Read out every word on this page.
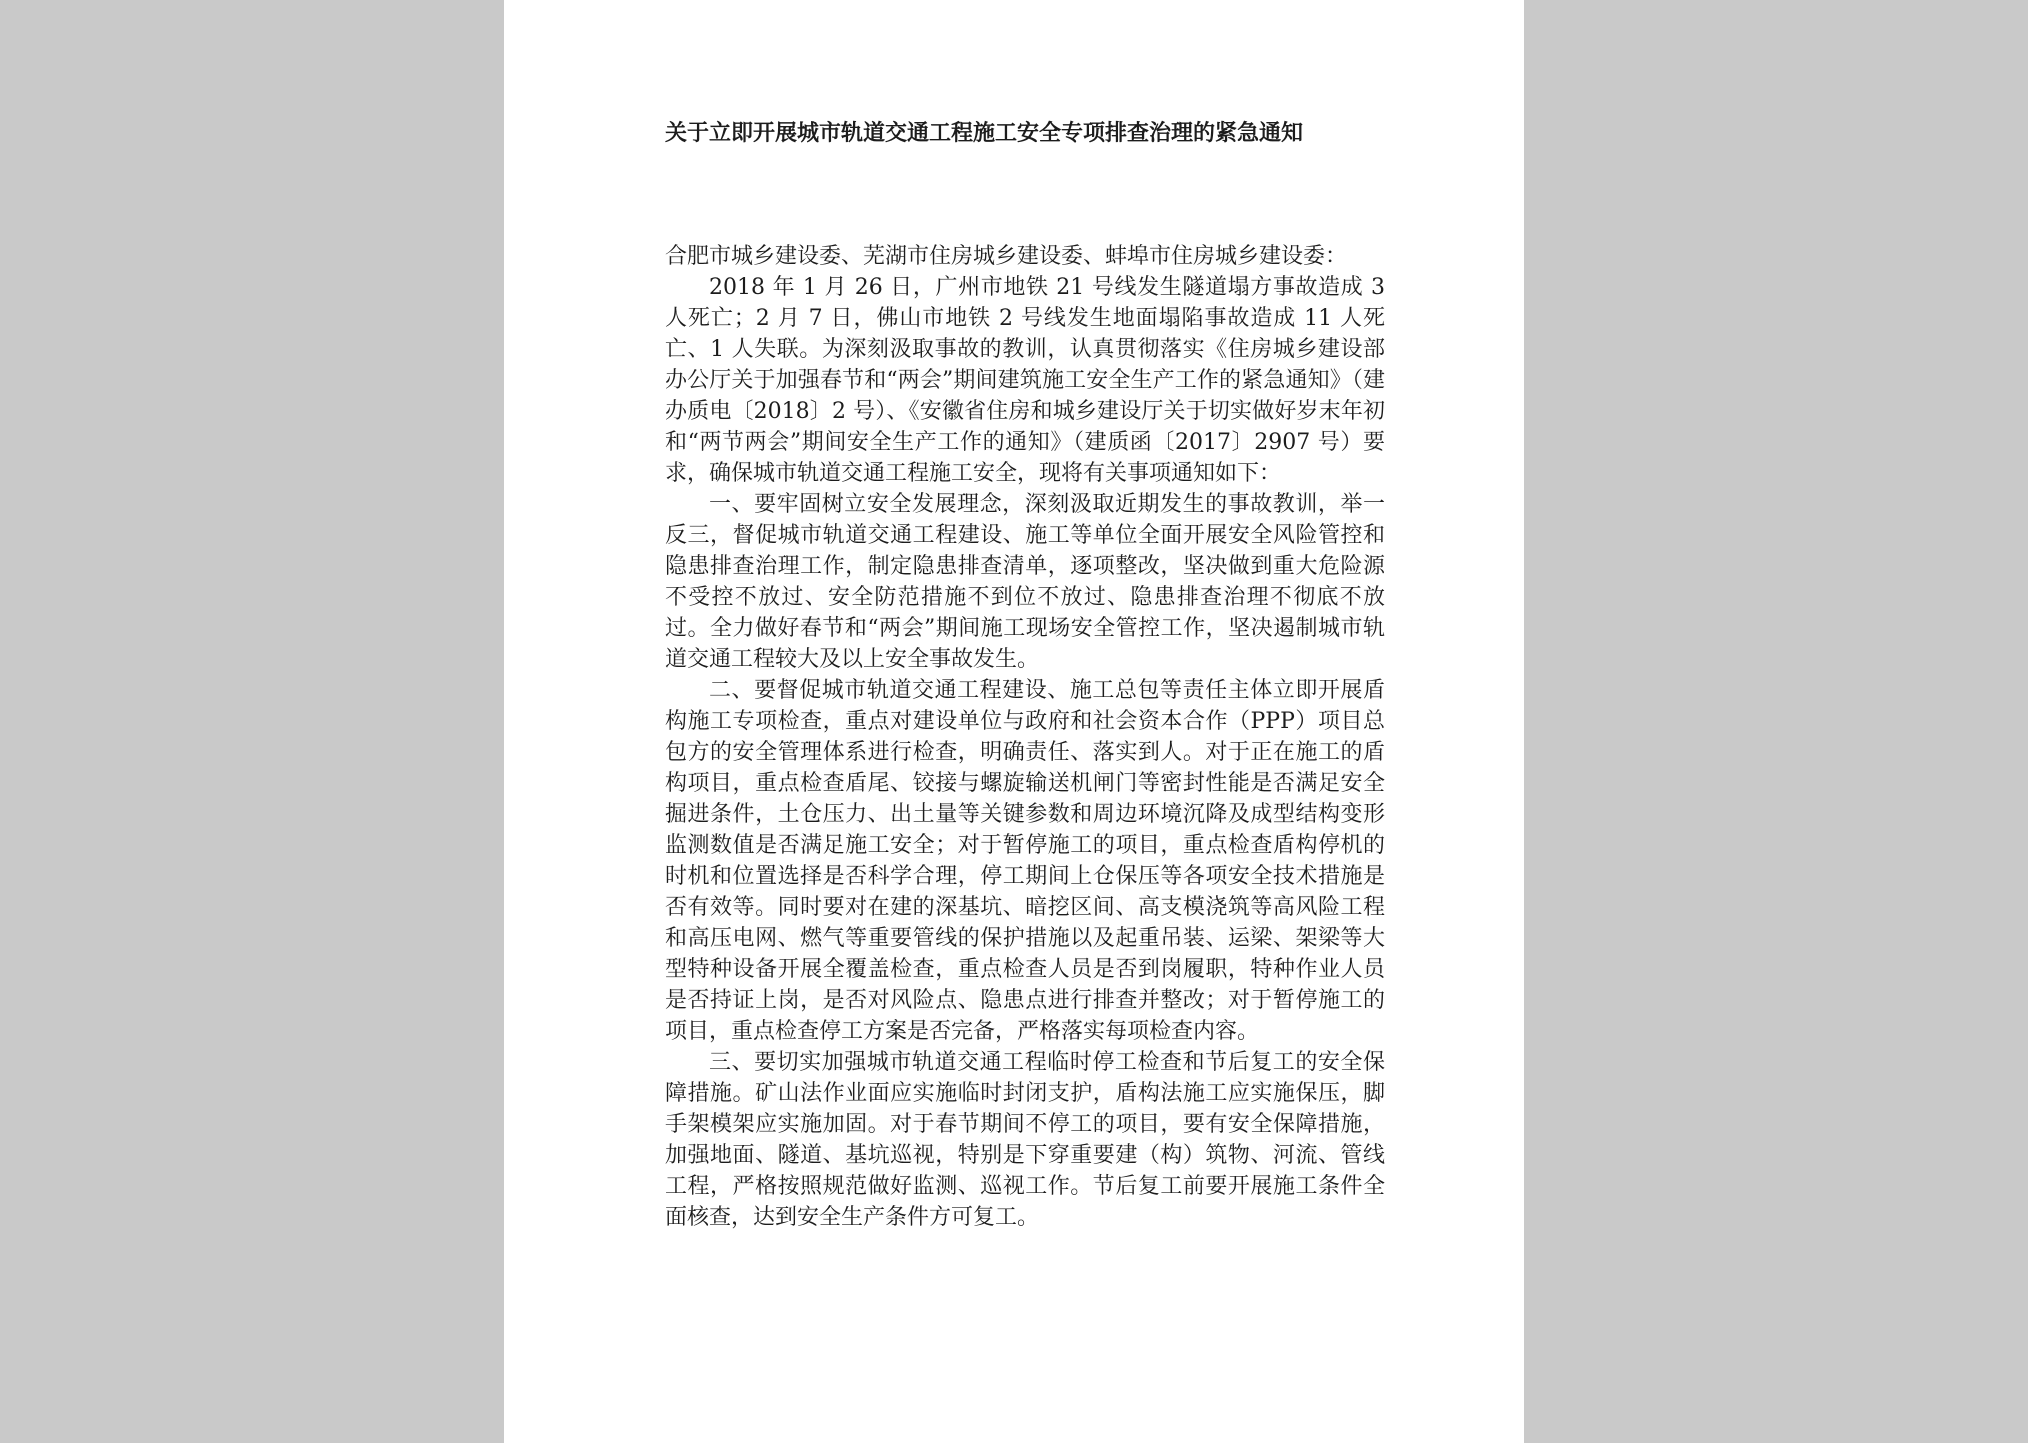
关于立即开展城市轨道交通工程施工安全专项排查治理的紧急通知

合肥市城乡建设委、芜湖市住房城乡建设委、蚌埠市住房城乡建设委：

2018 年 1 月 26 日，广州市地铁 21 号线发生隧道塌方事故造成 3 人死亡；2 月 7 日，佛山市地铁 2 号线发生地面塌陷事故造成 11 人死亡、1 人失联。为深刻汲取事故的教训，认真贯彻落实《住房城乡建设部办公厅关于加强春节和“两会”期间建筑施工安全生产工作的紧急通知》（建办质电〔2018〕2 号）、《安徽省住房和城乡建设厅关于切实做好岁末年初和“两节两会”期间安全生产工作的通知》（建质函〔2017〕2907 号）要求，确保城市轨道交通工程施工安全，现将有关事项通知如下：

一、要牢固树立安全发展理念，深刻汲取近期发生的事故教训，举一反三，督促城市轨道交通工程建设、施工等单位全面开展安全风险管控和隐患排查治理工作，制定隐患排查清单，逐项整改，坚决做到重大危险源不受控不放过、安全防范措施不到位不放过、隐患排查治理不彻底不放过。全力做好春节和“两会”期间施工现场安全管控工作，坚决遏制城市轨道交通工程较大及以上安全事故发生。

二、要督促城市轨道交通工程建设、施工总包等责任主体立即开展盾构施工专项检查，重点对建设单位与政府和社会资本合作（PPP）项目总包方的安全管理体系进行检查，明确责任、落实到人。对于正在施工的盾构项目，重点检查盾尾、铰接与螺旋输送机闸门等密封性能是否满足安全掘进条件，土仓压力、出土量等关键参数和周边环境沉降及成型结构变形监测数值是否满足施工安全；对于暂停施工的项目，重点检查盾构停机的时机和位置选择是否科学合理，停工期间上仓保压等各项安全技术措施是否有效等。同时要对在建的深基坑、暗挖区间、高支模浇筑等高风险工程和高压电网、燃气等重要管线的保护措施以及起重吊装、运梁、架梁等大型特种设备开展全覆盖检查，重点检查人员是否到岗履职，特种作业人员是否持证上岗，是否对风险点、隐患点进行排查并整改；对于暂停施工的项目，重点检查停工方案是否完备，严格落实每项检查内容。

三、要切实加强城市轨道交通工程临时停工检查和节后复工的安全保障措施。矿山法作业面应实施临时封闭支护，盾构法施工应实施保压，脚手架模架应实施加固。对于春节期间不停工的项目，要有安全保障措施，加强地面、隧道、基坑巡视，特别是下穿重要建（构）筑物、河流、管线工程，严格按照规范做好监测、巡视工作。节后复工前要开展施工条件全面核查，达到安全生产条件方可复工。
